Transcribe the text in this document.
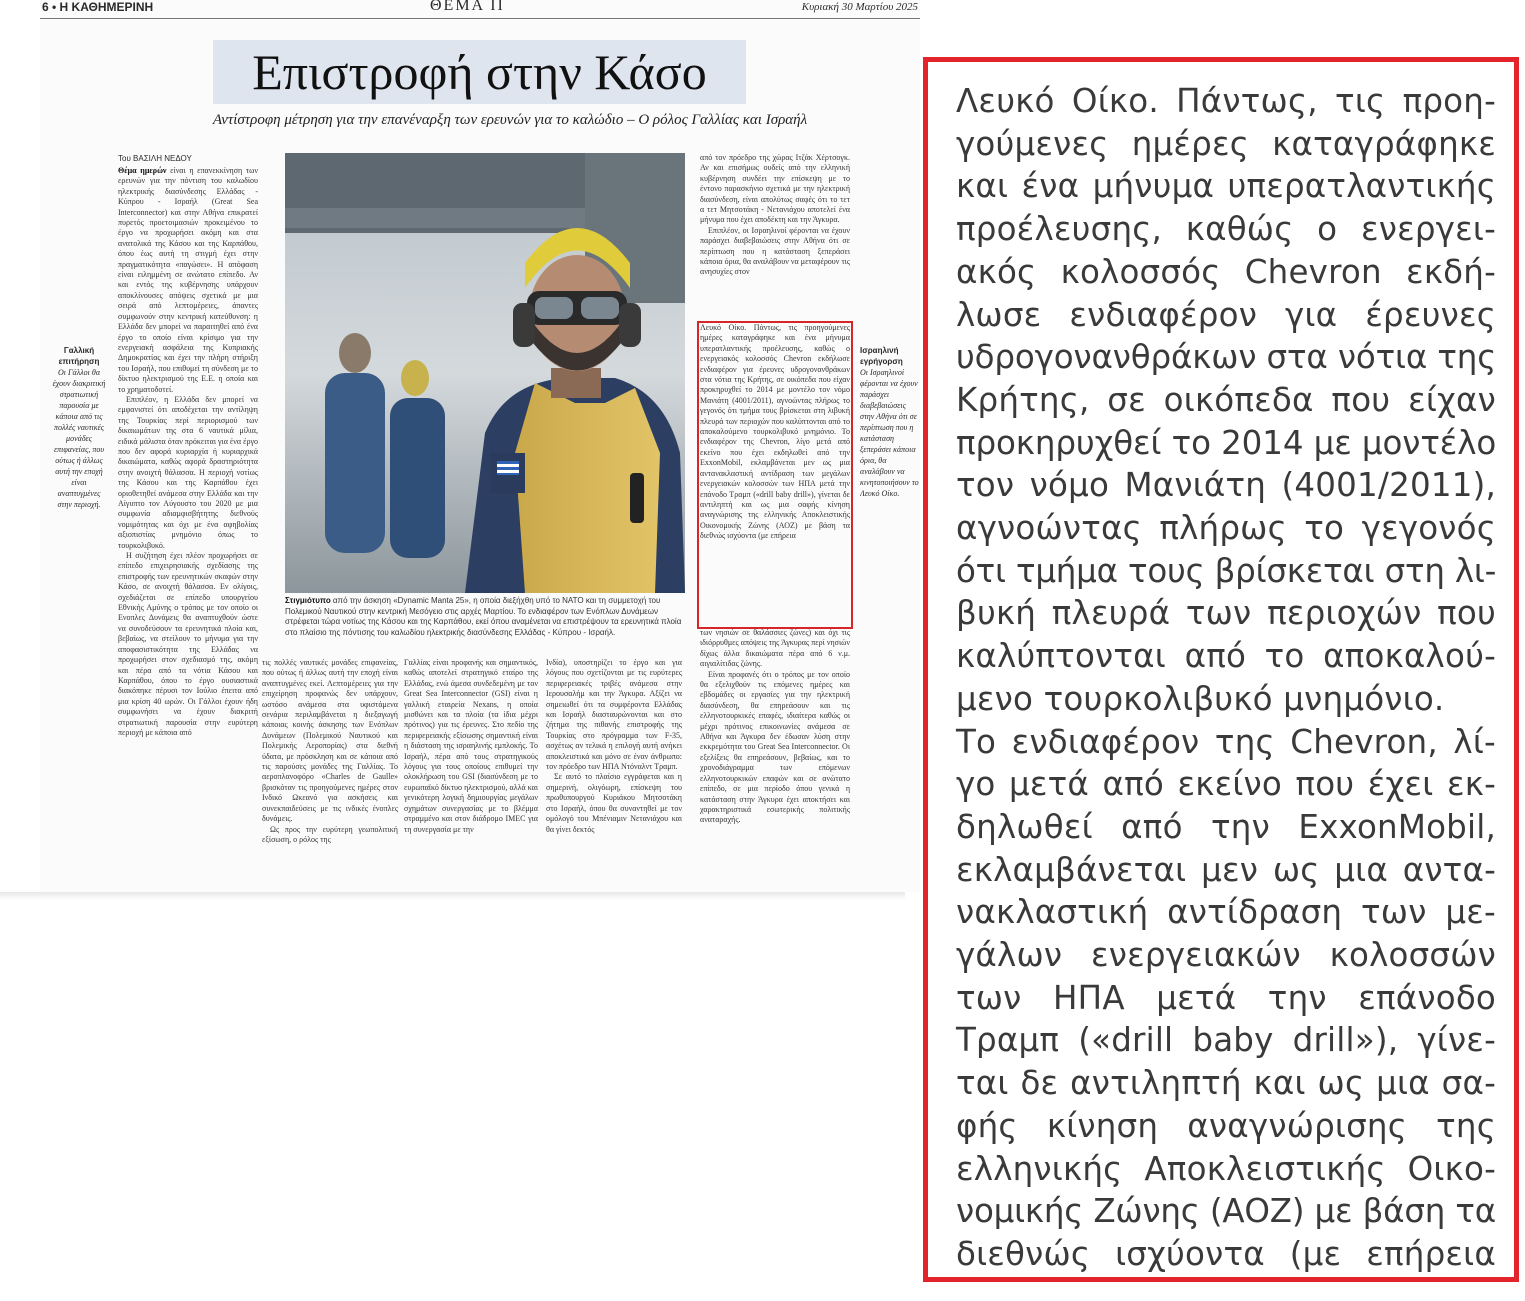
6 • Η ΚΑΘΗΜΕΡΙΝΗ	ΘΕΜΑ ΙΙ	Κυριακή 30 Μαρτίου 2025
Επιστροφή στην Κάσο
Αντίστροφη μέτρηση για την επανέναρξη των ερευνών για το καλώδιο – Ο ρόλος Γαλλίας και Ισραήλ
Του ΒΑΣΙΛΗ ΝΕΔΟΥ

Θέμα ημερών είναι η επανεκκίνηση των ερευνών για την πόντιση του καλωδίου ηλεκτρικής διασύνδεσης Ελλάδας - Κύπρου - Ισραήλ (Great Sea Interconnector) και στην Αθήνα επικρατεί πυρετός προετοιμασιών προκειμένου το έργο να προχωρήσει ακόμη και στα ανατολικά της Κάσου και της Καρπάθου, όπου έως αυτή τη στιγμή έχει στην πραγματικότητα «παγώσει». Η απόφαση είναι ειλημμένη σε ανώτατο επίπεδο. Αν και εντός της κυβέρνησης υπάρχουν αποκλίνουσες απόψεις σχετικά με μια σειρά από λεπτομέρειες, άπαντες συμφωνούν στην κεντρική κατεύθυνση: η Ελλάδα δεν μπορεί να παραιτηθεί από ένα έργο το οποίο είναι κρίσιμο για την ενεργειακή ασφάλεια της Κυπριακής Δημοκρατίας και έχει την πλήρη στήριξη του Ισραήλ, που επιθυμεί τη σύνδεση με το δίκτυο ηλεκτρισμού της Ε.Ε. η οποία και το χρηματοδοτεί.

Επιπλέον, η Ελλάδα δεν μπορεί να εμφανιστεί ότι αποδέχεται την αντίληψη της Τουρκίας περί περιορισμού των δικαιωμάτων της στα 6 ναυτικά μίλια, ειδικά μάλιστα όταν πρόκειται για ένα έργο που δεν αφορά κυριαρχία ή κυριαρχικά δικαιώματα, καθώς αφορά δραστηριότητα στην ανοιχτή θάλασσα. Η περιοχή νοτίως της Κάσου και της Καρπάθου έχει οριοθετηθεί ανάμεσα στην Ελλάδα και την Αίγυπτο τον Αύγουστο του 2020 με μια συμφωνία αδιαμφισβήτητης διεθνούς νομιμότητας και όχι με ένα αφηβολίας αξιοπιστίας μνημόνιο όπως το τουρκολιβυκό.

Η συζήτηση έχει πλέον προχωρήσει σε επίπεδο επιχειρησιακής σχεδίασης της επιστροφής των ερευνητικών σκαφών στην Κάσο, σε ανοιχτή θάλασσα. Εν ολίγοις, σχεδιάζεται σε επίπεδο υπουργείου Εθνικής Αμύνης ο τρόπος με τον οποίο οι Ενοπλες Δυνάμεις θα αναπτυχθούν ώστε να συνοδεύσουν τα ερευνητικά πλοία και, βεβαίως, να στείλουν το μήνυμα για την αποφασιστικότητα της Ελλάδας να προχωρήσει στον σχεδιασμό της, ακόμη και πέρα από τα νότια Κάσου και Καρπάθου, όπου το έργο ουσιαστικά διακόπηκε πέρυσι τον Ιούλιο έπειτα από μια κρίση 40 ωρών. Οι Γάλλοι έχουν ήδη συμφωνήσει να έχουν διακριτή στρατιωτική παρουσία στην ευρύτερη περιοχή με κάποια από

Γαλλική επιτήρηση
Οι Γάλλοι θα έχουν διακριτική στρατιωτική παρουσία με κάποια από τις πολλές ναυτικές μονάδες επιφανείας, που ούτως ή άλλως αυτή την εποχή είναι αναπτυγμένες στην περιοχή.
Στιγμιότυπο από την άσκηση «Dynamic Manta 25», η οποία διεξήχθη υπό το ΝΑΤΟ και τη συμμετοχή του Πολεμικού Ναυτικού στην κεντρική Μεσόγειο στις αρχές Μαρτίου. Το ενδιαφέρον των Ενόπλων Δυνάμεων στρέφεται τώρα νοτίως της Κάσου και της Καρπάθου, εκεί όπου αναμένεται να επιστρέψουν τα ερευνητικά πλοία στο πλαίσιο της πόντισης του καλωδίου ηλεκτρικής διασύνδεσης Ελλάδας - Κύπρου - Ισραήλ.

τις πολλές ναυτικές μονάδες επιφανείας, που ούτως ή άλλως αυτή την εποχή είναι αναπτυγμένες εκεί. Λεπτομέρειες για την επιχείρηση προφανώς δεν υπάρχουν, ωστόσο ανάμεσα στα υφιστάμενα σενάρια περιλαμβάνεται η διεξαγωγή κάποιας κοινής άσκησης των Ενόπλων Δυνάμεων (Πολεμικού Ναυτικού και Πολεμικής Αεροπορίας) στα διεθνή ύδατα, με πρόσκληση και σε κάποια από τις παρούσες μονάδες της Γαλλίας. Το αεροπλανοφόρο «Charles de Gaulle» βρισκόταν τις προηγούμενες ημέρες στον Ινδικό Ωκεανό για ασκήσεις και συνεκπαιδεύσεις με τις ινδικές ένοπλες δυνάμεις.

Ως προς την ευρύτερη γεωπολιτική εξίσωση, ο ρόλος της

Γαλλίας είναι προφανής και σημαντικός, καθώς αποτελεί στρατηγικό εταίρο της Ελλάδας, ενώ άμεσα συνδεδεμένη με τον Great Sea Interconnector (GSI) είναι η γαλλική εταιρεία Nexans, η οποία μισθώνει και τα πλοία (τα ίδια μέχρι πρότινος) για τις έρευνες. Στο πεδίο της περιφερειακής εξίσωσης σημαντική είναι η διάσταση της ισραηλινής εμπλοκής. Το Ισραήλ, πέρα από τους στρατηγικούς λόγους για τους οποίους επιθυμεί την ολοκλήρωση του GSI (διασύνδεση με το ευρωπαϊκό δίκτυο ηλεκτρισμού, αλλά και γενικότερη λογική δημιουργίας μεγάλων σχημάτων συνεργασίας με το βλέμμα στραμμένο και στον διάδρομο IMEC για τη συνεργασία με την

Ινδία), υποστηρίζει το έργο και για λόγους που σχετίζονται με τις ευρύτερες περιφερειακές τριβές ανάμεσα στην Ιερουσαλήμ και την Άγκυρα. Αξίζει να σημειωθεί ότι τα συμφέροντα Ελλάδας και Ισραήλ διασταυρώνονται και στο ζήτημα της πιθανής επιστροφής της Τουρκίας στο πρόγραμμα των F-35, ασχέτως αν τελικά η επιλογή αυτή ανήκει αποκλειστικά και μόνο σε έναν άνθρωπο: τον πρόεδρο των ΗΠΑ Ντόναλντ Τραμπ.

Σε αυτό το πλαίσιο εγγράφεται και η σημερινή, ολιγόωρη, επίσκεψη του πρωθυπουργού Κυριάκου Μητσοτάκη στο Ισραήλ, όπου θα συναντηθεί με τον ομόλογό του Μπένιαμιν Νετανιάχου και θα γίνει δεκτός

από τον πρόεδρο της χώρας Ιτζάκ Χέρτσογκ. Αν και επισήμως ουδείς από την ελληνική κυβέρνηση συνδέει την επίσκεψη με το έντονο παρασκήνιο σχετικά με την ηλεκτρική διασύνδεση, είναι απολύτως σαφές ότι το τετ α τετ Μητσοτάκη - Νετανιάχου αποτελεί ένα μήνυμα που έχει αποδέκτη και την Άγκυρα.

Επιπλέον, οι Ισραηλινοί φέρονται να έχουν παράσχει διαβεβαιώσεις στην Αθήνα ότι σε περίπτωση που η κατάσταση ξεπεράσει κάποια όρια, θα αναλάβουν να μεταφέρουν τις ανησυχίες στον

Λευκό Οίκο. Πάντως, τις προηγούμενες ημέρες καταγράφηκε και ένα μήνυμα υπερατλαντικής προέλευσης, καθώς ο ενεργειακός κολοσσός Chevron εκδήλωσε ενδιαφέρον για έρευνες υδρογονανθράκων στα νότια της Κρήτης, σε οικόπεδα που είχαν προκηρυχθεί το 2014 με μοντέλο τον νόμο Μανιάτη (4001/2011), αγνοώντας πλήρως το γεγονός ότι τμήμα τους βρίσκεται στη λιβυκή πλευρά των περιοχών που καλύπτονται από το αποκαλούμενο τουρκολιβυκό μνημόνιο. Το ενδιαφέρον της Chevron, λίγο μετά από εκείνο που έχει εκδηλωθεί από την ExxonMobil, εκλαμβάνεται μεν ως μια αντανακλαστική αντίδραση των μεγάλων ενεργειακών κολοσσών των ΗΠΑ μετά την επάνοδο Τραμπ («drill baby drill»), γίνεται δε αντιληπτή και ως μια σαφής κίνηση αναγνώρισης της ελληνικής Αποκλειστικής Οικονομικής Ζώνης (ΑΟΖ) με βάση τα διεθνώς ισχύοντα (με επήρεια

των νησιών σε θαλάσσιες ζώνες) και όχι τις ιδιόρρυθμες απόψεις της Άγκυρας περί νησιών δίχως άλλα δικαιώματα πέρα από 6 ν.μ. αιγιαλίτιδας ζώνης.

Είναι προφανές ότι ο τρόπος με τον οποίο θα εξελιχθούν τις επόμενες ημέρες και εβδομάδες οι εργασίες για την ηλεκτρική διασύνδεση, θα επηρεάσουν και τις ελληνοτουρκικές επαφές, ιδιαίτερα καθώς οι μέχρι πρότινος επικοινωνίες ανάμεσα σε Αθήνα και Άγκυρα δεν έδωσαν λύση στην εκκρεμότητα του Great Sea Interconnector. Οι εξελίξεις θα επηρεάσουν, βεβαίως, και το χρονοδιάγραμμα των επόμενων ελληνοτουρκικών επαφών και σε ανώτατο επίπεδο, σε μια περίοδο όπου γενικά η κατάσταση στην Άγκυρα έχει αποκτήσει και χαρακτηριστικά εσωτερικής πολιτικής αναταραχής.

Ισραηλινή εγρήγορση
Οι Ισραηλινοί φέρονται να έχουν παράσχει διαβεβαιώσεις στην Αθήνα ότι σε περίπτωση που η κατάσταση ξεπεράσει κάποια όρια, θα αναλάβουν να κινητοποιήσουν το Λευκό Οίκο.
Λευκό Οίκο. Πάντως, τις προη-
γούμενες ημέρες καταγράφηκε
και ένα μήνυμα υπερατλαντικής
προέλευσης, καθώς ο ενεργει-
ακός κολοσσός Chevron εκδή-
λωσε ενδιαφέρον για έρευνες
υδρογονανθράκων στα νότια της
Κρήτης, σε οικόπεδα που είχαν
προκηρυχθεί το 2014 με μοντέλο
τον νόμο Μανιάτη (4001/2011),
αγνοώντας πλήρως το γεγονός
ότι τμήμα τους βρίσκεται στη λι-
βυκή πλευρά των περιοχών που
καλύπτονται από το αποκαλού-
μενο τουρκολιβυκό μνημόνιο.
Το ενδιαφέρον της Chevron, λί-
γο μετά από εκείνο που έχει εκ-
δηλωθεί από την ExxonMobil,
εκλαμβάνεται μεν ως μια αντα-
νακλαστική αντίδραση των με-
γάλων ενεργειακών κολοσσών
των ΗΠΑ μετά την επάνοδο
Τραμπ («drill baby drill»), γίνε-
ται δε αντιληπτή και ως μια σα-
φής κίνηση αναγνώρισης της
ελληνικής Αποκλειστικής Οικο-
νομικής Ζώνης (ΑΟΖ) με βάση τα
διεθνώς ισχύοντα (με επήρεια
